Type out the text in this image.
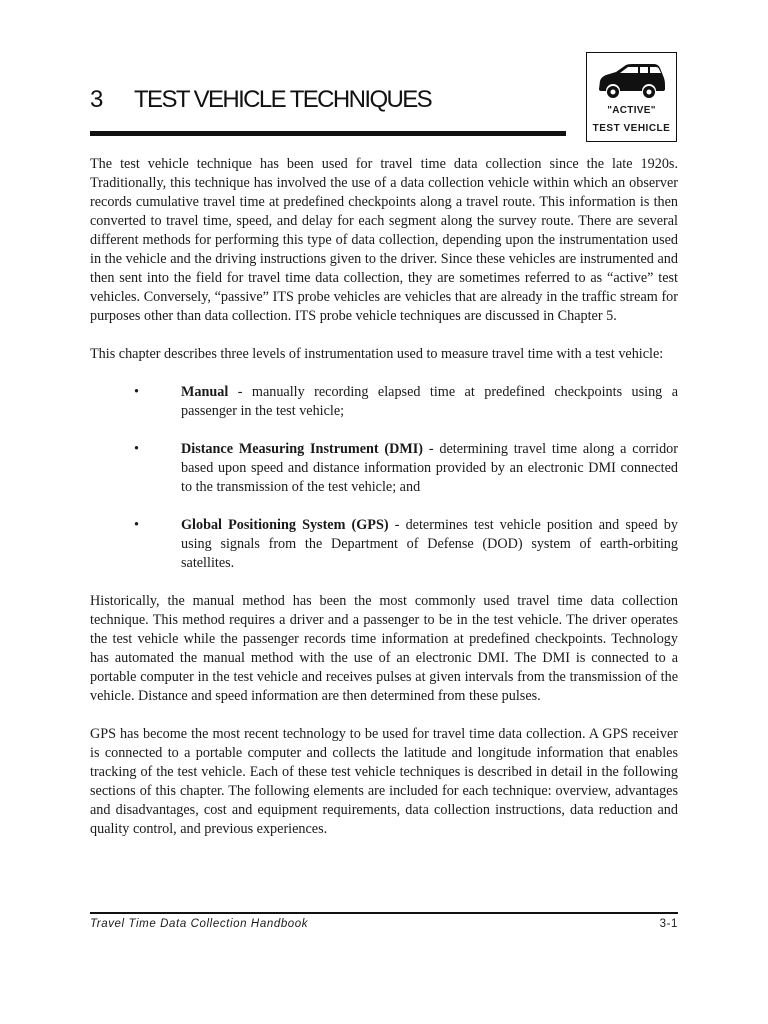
3 TEST VEHICLE TECHNIQUES	"ACTIVE"
TEST VEHICLE

The test vehicle technique has been used for travel time data collection since the late 1920s. Traditionally, this technique has involved the use of a data collection vehicle within which an observer records cumulative travel time at predefined checkpoints along a travel route. This information is then converted to travel time, speed, and delay for each segment along the survey route. There are several different methods for performing this type of data collection, depending upon the instrumentation used in the vehicle and the driving instructions given to the driver. Since these vehicles are instrumented and then sent into the field for travel time data collection, they are sometimes referred to as “active” test vehicles. Conversely, “passive” ITS probe vehicles are vehicles that are already in the traffic stream for purposes other than data collection. ITS probe vehicle techniques are discussed in Chapter 5.

This chapter describes three levels of instrumentation used to measure travel time with a test vehicle:

•	Manual - manually recording elapsed time at predefined checkpoints using a passenger in the test vehicle;
•	Distance Measuring Instrument (DMI) - determining travel time along a corridor based upon speed and distance information provided by an electronic DMI connected to the transmission of the test vehicle; and
•	Global Positioning System (GPS) - determines test vehicle position and speed by using signals from the Department of Defense (DOD) system of earth-orbiting satellites.

Historically, the manual method has been the most commonly used travel time data collection technique. This method requires a driver and a passenger to be in the test vehicle. The driver operates the test vehicle while the passenger records time information at predefined checkpoints. Technology has automated the manual method with the use of an electronic DMI. The DMI is connected to a portable computer in the test vehicle and receives pulses at given intervals from the transmission of the vehicle. Distance and speed information are then determined from these pulses.

GPS has become the most recent technology to be used for travel time data collection. A GPS receiver is connected to a portable computer and collects the latitude and longitude information that enables tracking of the test vehicle. Each of these test vehicle techniques is described in detail in the following sections of this chapter. The following elements are included for each technique: overview, advantages and disadvantages, cost and equipment requirements, data collection instructions, data reduction and quality control, and previous experiences.

Travel Time Data Collection Handbook	3-1
